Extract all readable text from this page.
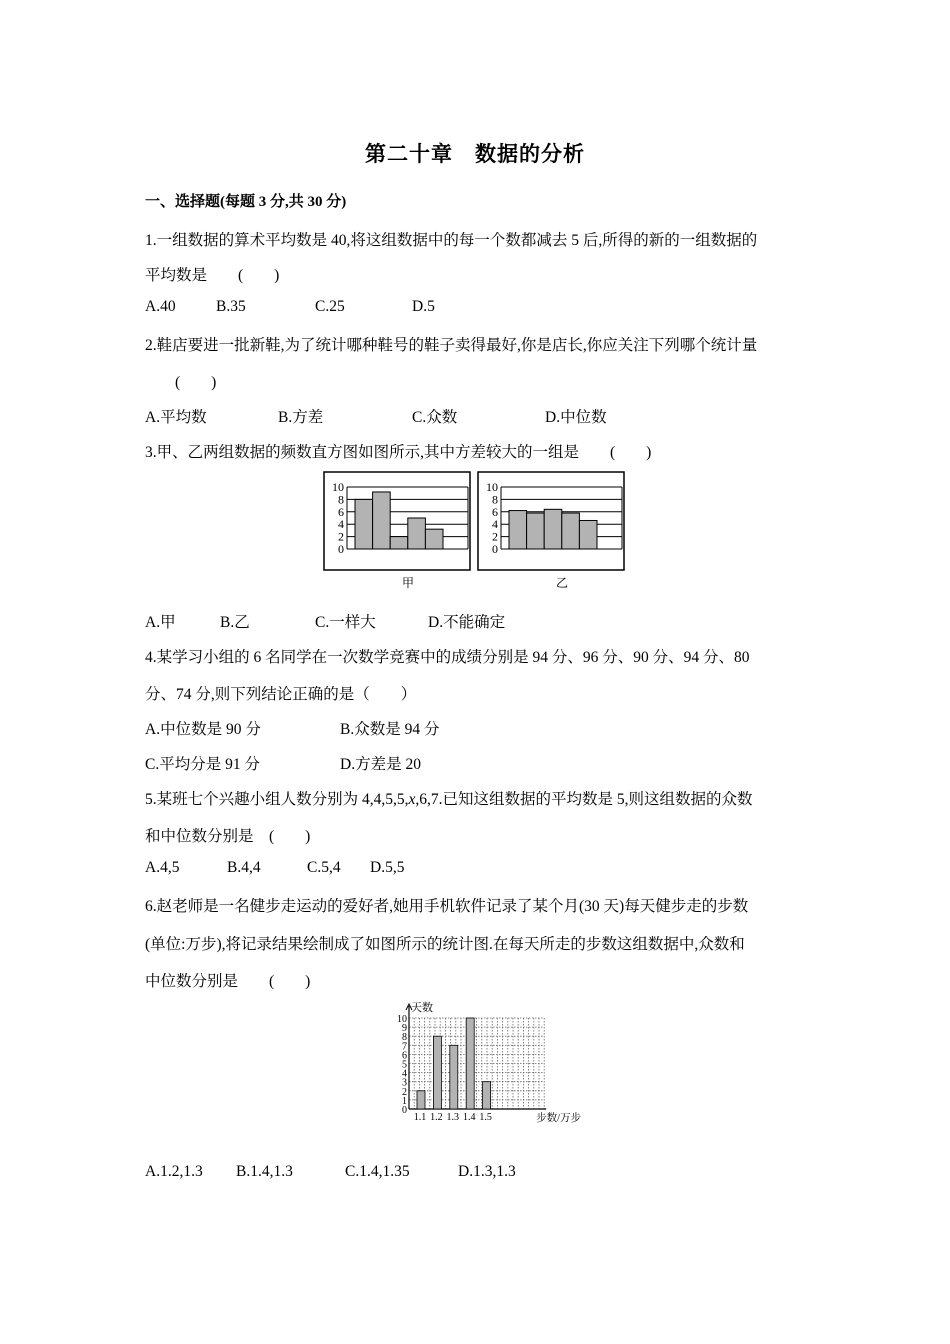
第二十章　数据的分析
一、选择题(每题 3 分,共 30 分)
1.一组数据的算术平均数是 40,将这组数据中的每一个数都减去 5 后,所得的新的一组数据的
平均数是　　(　　)
A.40	B.35	C.25	D.5
2.鞋店要进一批新鞋,为了统计哪种鞋号的鞋子卖得最好,你是店长,你应关注下列哪个统计量
(　　)
A.平均数	B.方差	C.众数	D.中位数
3.甲、乙两组数据的频数直方图如图所示,其中方差较大的一组是　　(　　)
10
8
6
4
2
0
甲
10
8
6
4
2
0
乙
A.甲	B.乙	C.一样大	D.不能确定
4.某学习小组的 6 名同学在一次数学竞赛中的成绩分别是 94 分、96 分、90 分、94 分、80
分、74 分,则下列结论正确的是（　　）
A.中位数是 90 分	B.众数是 94 分
C.平均分是 91 分	D.方差是 20
5.某班七个兴趣小组人数分别为 4,4,5,5,x,6,7.已知这组数据的平均数是 5,则这组数据的众数
和中位数分别是　(　　)
A.4,5	B.4,4	C.5,4 D.5,5
6.赵老师是一名健步走运动的爱好者,她用手机软件记录了某个月(30 天)每天健步走的步数
(单位:万步),将记录结果绘制成了如图所示的统计图.在每天所走的步数这组数据中,众数和
中位数分别是　　(　　)
天数
10
9
8
7
6
5
4
3
2
1
0
1.1 1.2 1.3 1.4 1.5	步数/万步
A.1.2,1.3 B.1.4,1.3	C.1.4,1.35	D.1.3,1.3
